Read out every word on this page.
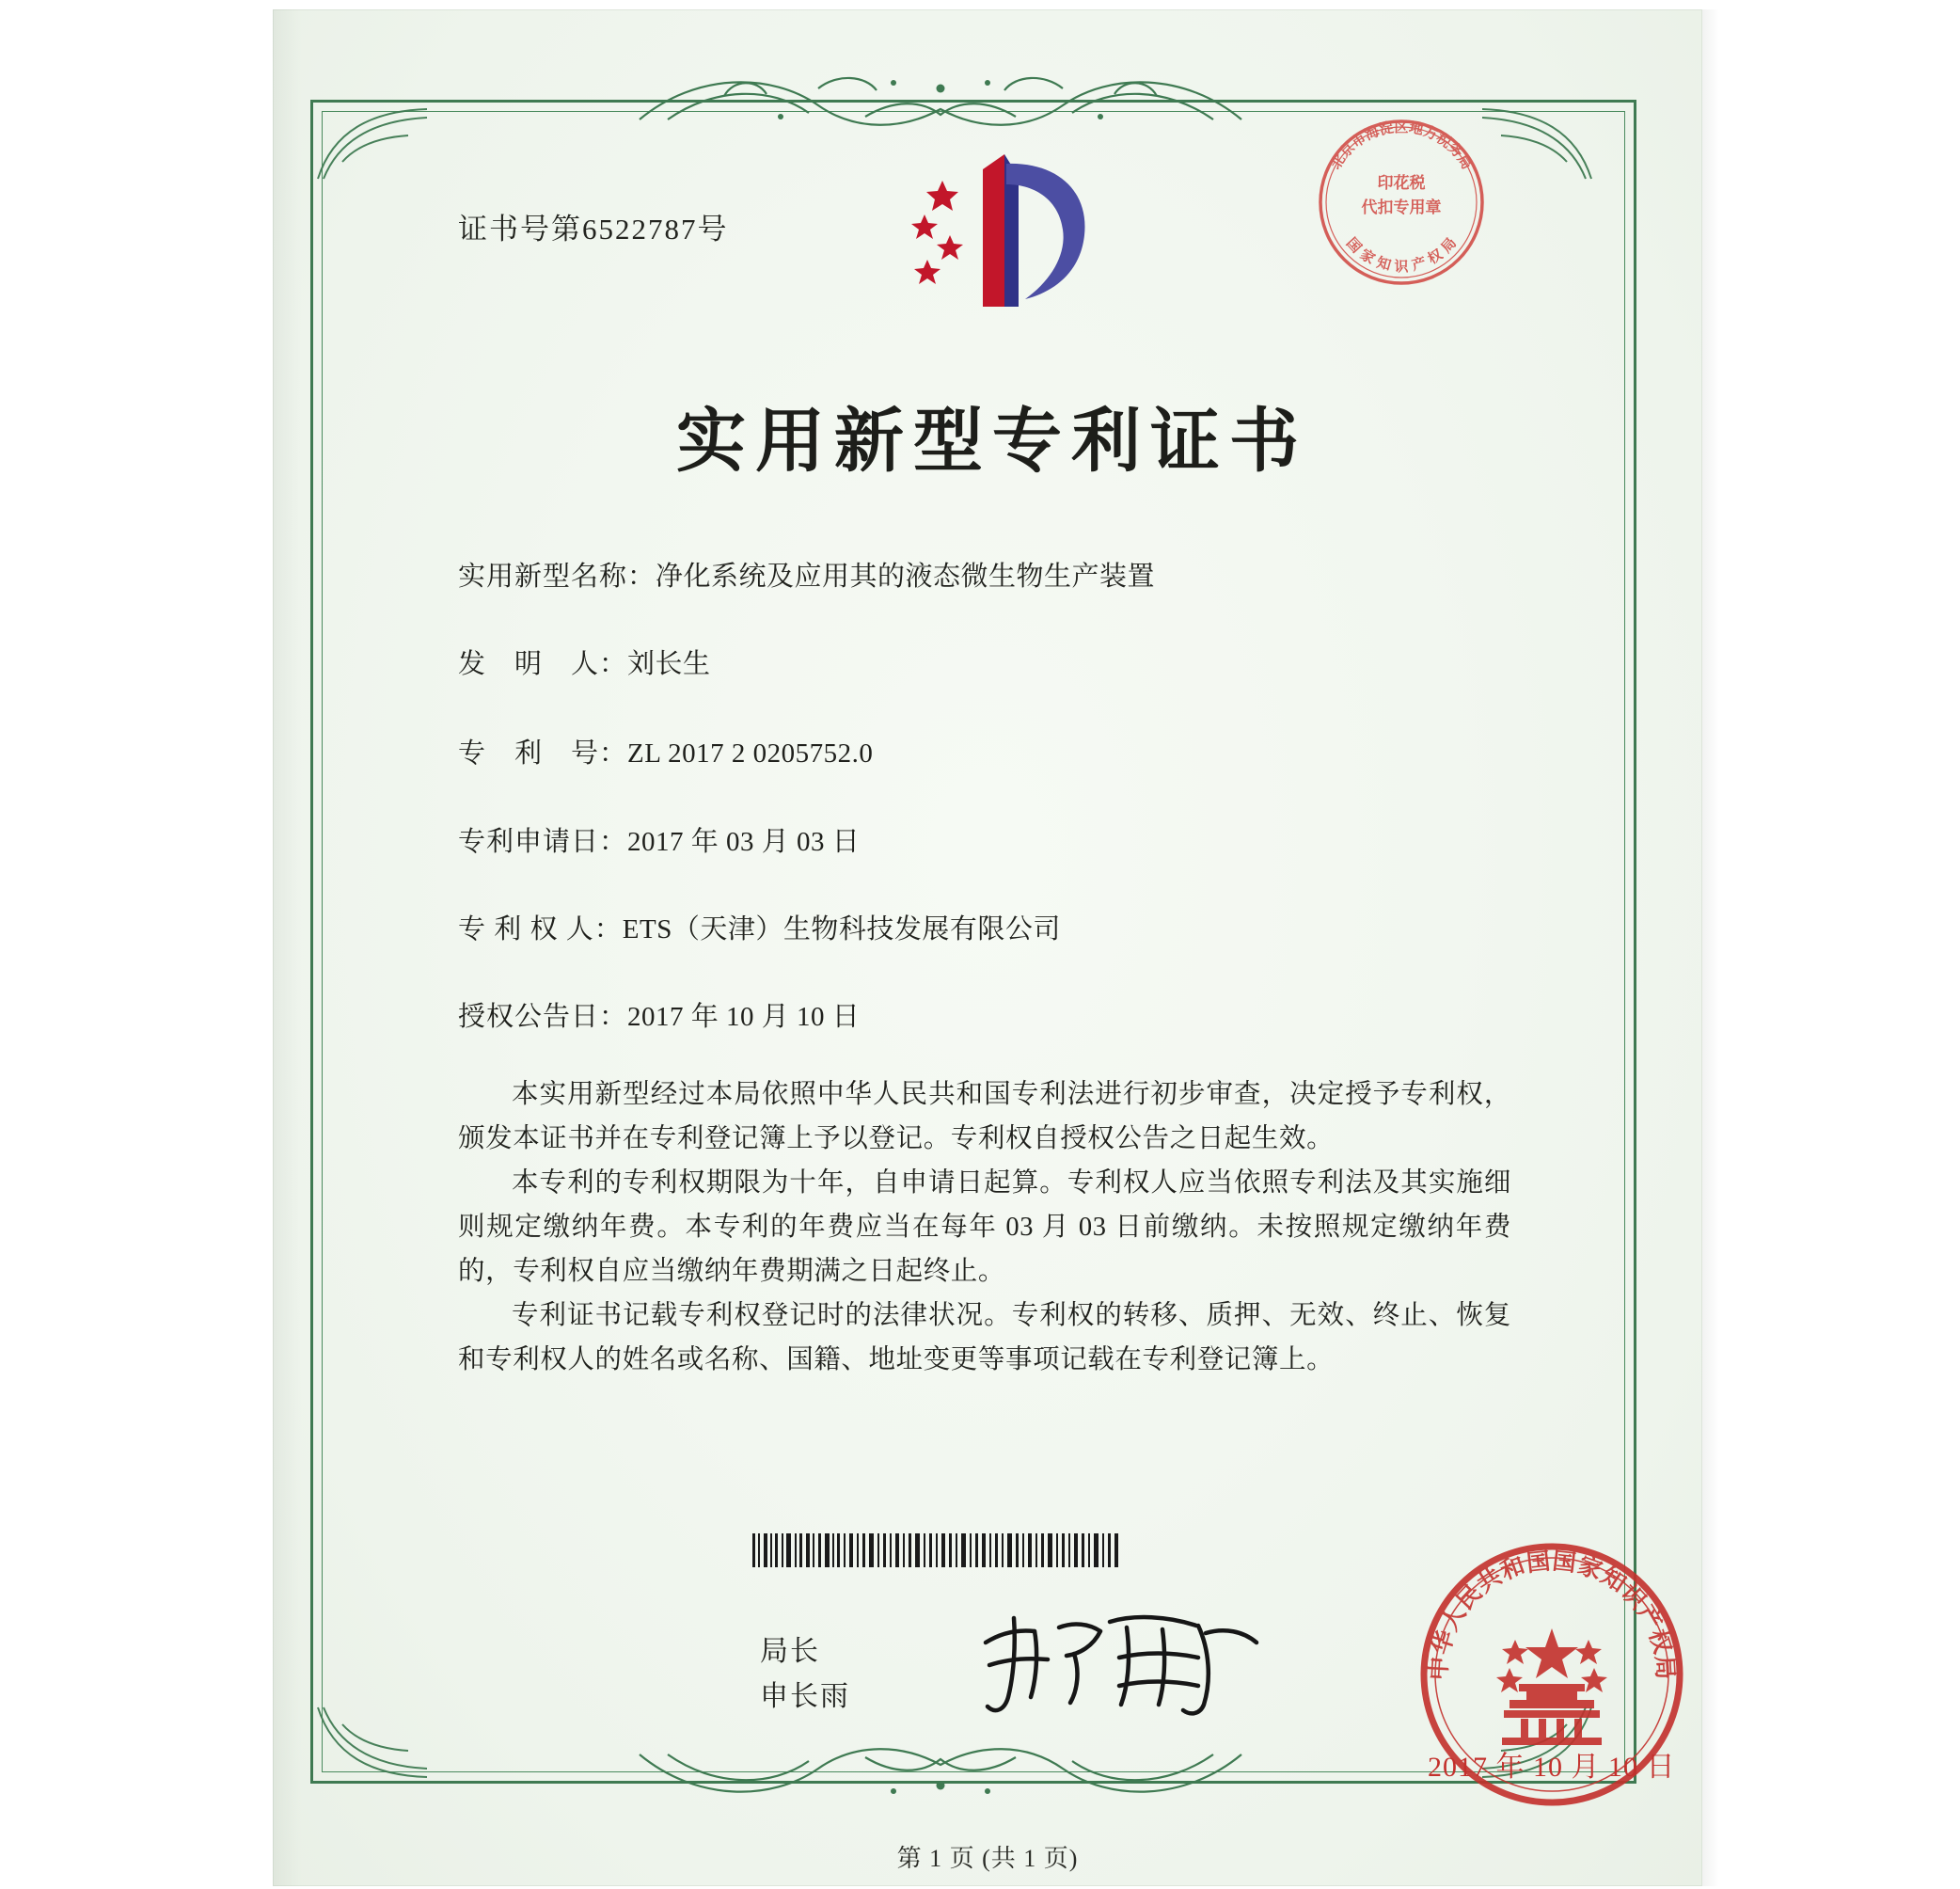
证书号第6522787号
北京市海淀区地方税务局
国 家 知 识 产 权 局
印花税
代扣专用章
实用新型专利证书
实用新型名称：净化系统及应用其的液态微生物生产装置
发　明　人：刘长生
专　利　号：ZL 2017 2 0205752.0
专利申请日：2017 年 03 月 03 日
专 利 权 人：ETS（天津）生物科技发展有限公司
授权公告日：2017 年 10 月 10 日

本实用新型经过本局依照中华人民共和国专利法进行初步审查，决定授予专利权，颁发本证书并在专利登记簿上予以登记。专利权自授权公告之日起生效。

本专利的专利权期限为十年，自申请日起算。专利权人应当依照专利法及其实施细则规定缴纳年费。本专利的年费应当在每年 03 月 03 日前缴纳。未按照规定缴纳年费的，专利权自应当缴纳年费期满之日起终止。

专利证书记载专利权登记时的法律状况。专利权的转移、质押、无效、终止、恢复和专利权人的姓名或名称、国籍、地址变更等事项记载在专利登记簿上。

局长
申长雨
中华人民共和国国家知识产权局
2017 年 10 月 10 日
第 1 页 (共 1 页)
